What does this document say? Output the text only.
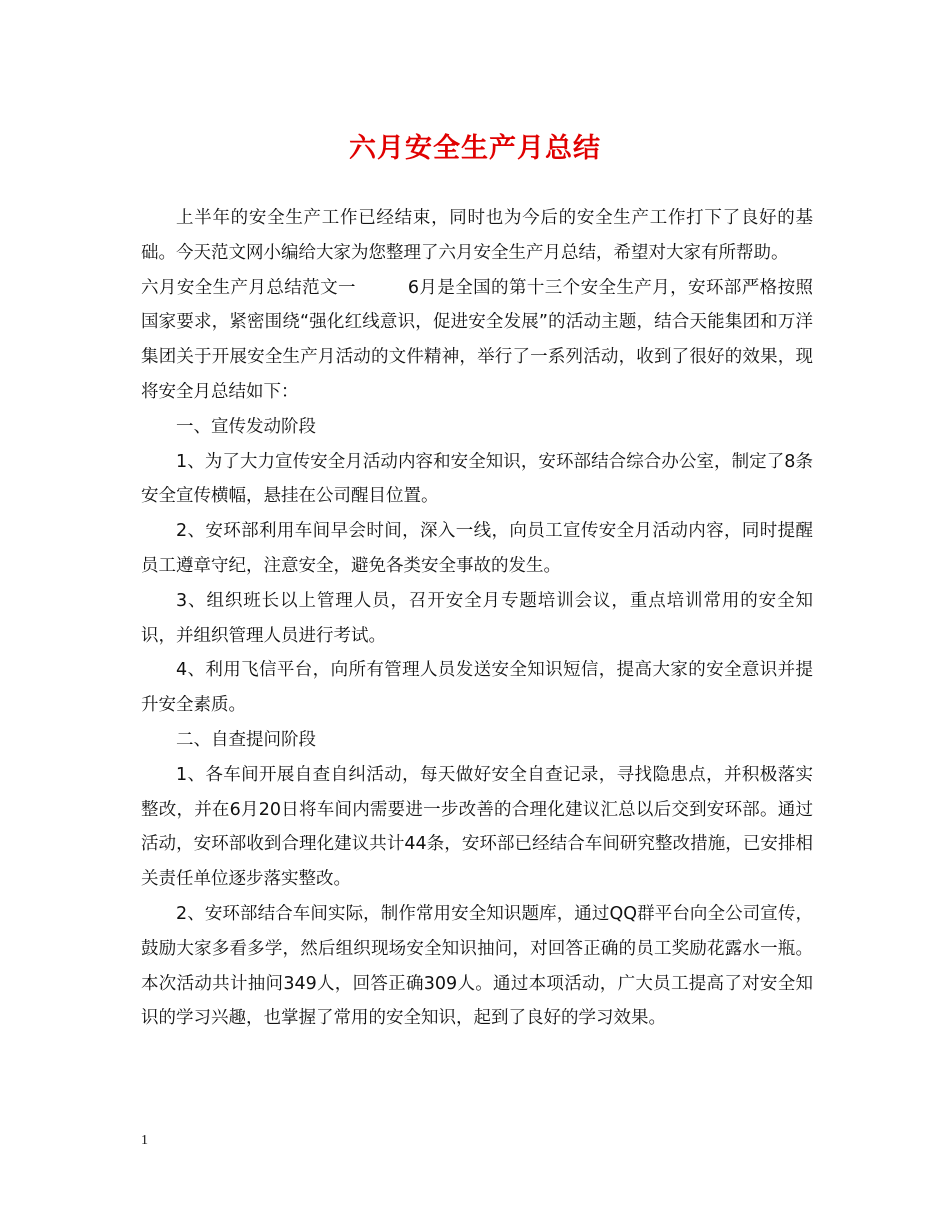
六月安全生产月总结

上半年的安全生产工作已经结束，同时也为今后的安全生产工作打下了良好的基础。今天范文网小编给大家为您整理了六月安全生产月总结，希望对大家有所帮助。

六月安全生产月总结范文一	6月是全国的第十三个安全生产月，安环部严格按照国家要求，紧密围绕“强化红线意识，促进安全发展”的活动主题，结合天能集团和万洋集团关于开展安全生产月活动的文件精神，举行了一系列活动，收到了很好的效果，现将安全月总结如下：

一、宣传发动阶段

1、为了大力宣传安全月活动内容和安全知识，安环部结合综合办公室，制定了8条安全宣传横幅，悬挂在公司醒目位置。

2、安环部利用车间早会时间，深入一线，向员工宣传安全月活动内容，同时提醒员工遵章守纪，注意安全，避免各类安全事故的发生。

3、组织班长以上管理人员，召开安全月专题培训会议，重点培训常用的安全知识，并组织管理人员进行考试。

4、利用飞信平台，向所有管理人员发送安全知识短信，提高大家的安全意识并提升安全素质。

二、自查提问阶段

1、各车间开展自查自纠活动，每天做好安全自查记录，寻找隐患点，并积极落实整改，并在6月20日将车间内需要进一步改善的合理化建议汇总以后交到安环部。通过活动，安环部收到合理化建议共计44条，安环部已经结合车间研究整改措施，已安排相关责任单位逐步落实整改。

2、安环部结合车间实际，制作常用安全知识题库，通过QQ群平台向全公司宣传，鼓励大家多看多学，然后组织现场安全知识抽问，对回答正确的员工奖励花露水一瓶。本次活动共计抽问349人，回答正确309人。通过本项活动，广大员工提高了对安全知识的学习兴趣，也掌握了常用的安全知识，起到了良好的学习效果。

1
